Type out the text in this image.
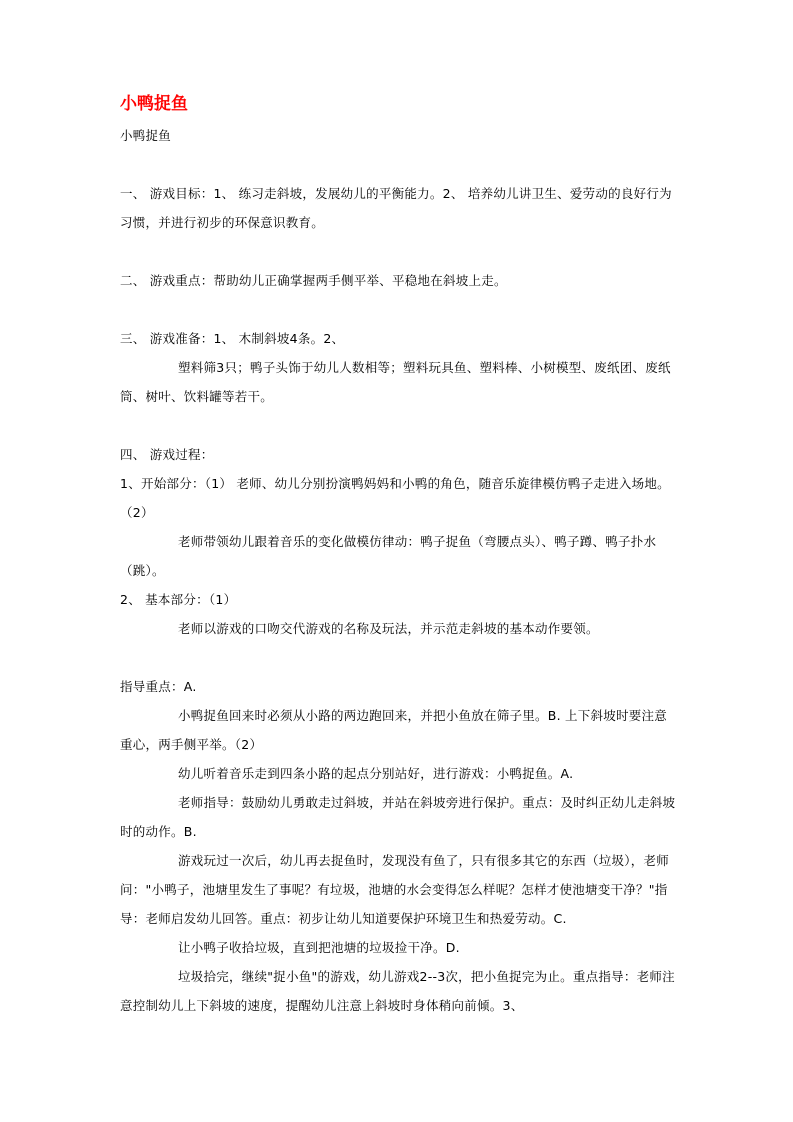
小鸭捉鱼

小鸭捉鱼

一、 游戏目标：1、 练习走斜坡，发展幼儿的平衡能力。2、 培养幼儿讲卫生、爱劳动的良好行为习惯，并进行初步的环保意识教育。

二、 游戏重点：帮助幼儿正确掌握两手侧平举、平稳地在斜坡上走。

三、 游戏准备：1、 木制斜坡4条。2、

塑料筛3只；鸭子头饰于幼儿人数相等；塑料玩具鱼、塑料棒、小树模型、废纸团、废纸筒、树叶、饮料罐等若干。

四、 游戏过程：

1、开始部分：（1） 老师、幼儿分别扮演鸭妈妈和小鸭的角色，随音乐旋律模仿鸭子走进入场地。（2）

老师带领幼儿跟着音乐的变化做模仿律动：鸭子捉鱼（弯腰点头）、鸭子蹲、鸭子扑水（跳）。

2、 基本部分：（1）

老师以游戏的口吻交代游戏的名称及玩法，并示范走斜坡的基本动作要领。

指导重点：A.

小鸭捉鱼回来时必须从小路的两边跑回来，并把小鱼放在筛子里。B. 上下斜坡时要注意重心，两手侧平举。（2）

幼儿听着音乐走到四条小路的起点分别站好，进行游戏：小鸭捉鱼。A.

老师指导：鼓励幼儿勇敢走过斜坡，并站在斜坡旁进行保护。重点：及时纠正幼儿走斜坡时的动作。B.

游戏玩过一次后，幼儿再去捉鱼时，发现没有鱼了，只有很多其它的东西（垃圾），老师问："小鸭子，池塘里发生了事呢？有垃圾，池塘的水会变得怎么样呢？怎样才使池塘变干净？"指导：老师启发幼儿回答。重点：初步让幼儿知道要保护环境卫生和热爱劳动。C.

让小鸭子收拾垃圾，直到把池塘的垃圾捡干净。D.

垃圾拾完，继续"捉小鱼"的游戏，幼儿游戏2--3次，把小鱼捉完为止。重点指导：老师注意控制幼儿上下斜坡的速度，提醒幼儿注意上斜坡时身体稍向前倾。3、
